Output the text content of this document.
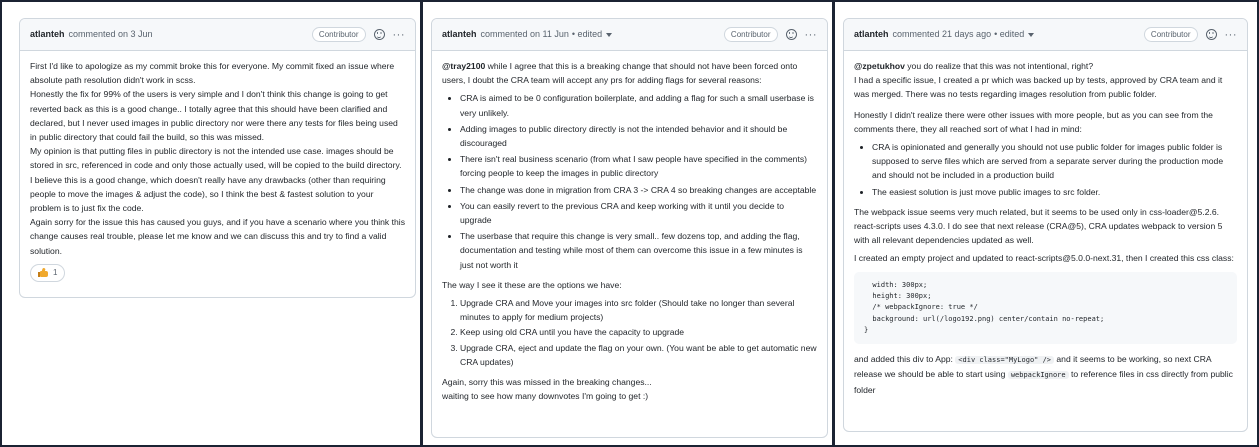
atlanteh commented on 3 Jun	Contributor	···
First I'd like to apologize as my commit broke this for everyone. My commit fixed an issue where absolute path resolution didn't work in scss.
Honestly the fix for 99% of the users is very simple and I don't think this change is going to get reverted back as this is a good change.. I totally agree that this should have been clarified and declared, but I never used images in public directory nor were there any tests for files being used in public directory that could fail the build, so this was missed.
My opinion is that putting files in public directory is not the intended use case. images should be stored in src, referenced in code and only those actually used, will be copied to the build directory.
I believe this is a good change, which doesn't really have any drawbacks (other than requiring people to move the images & adjust the code), so I think the best & fastest solution to your problem is to just fix the code.
Again sorry for the issue this has caused you guys, and if you have a scenario where you think this change causes real trouble, please let me know and we can discuss this and try to find a valid solution.
1
atlanteh commented on 11 Jun • edited	Contributor	···

@tray2100 while I agree that this is a breaking change that should not have been forced onto users, I doubt the CRA team will accept any prs for adding flags for several reasons:

• CRA is aimed to be 0 configuration boilerplate, and adding a flag for such a small userbase is very unlikely.
• Adding images to public directory directly is not the intended behavior and it should be discouraged
• There isn't real business scenario (from what I saw people have specified in the comments) forcing people to keep the images in public directory
• The change was done in migration from CRA 3 -> CRA 4 so breaking changes are acceptable
• You can easily revert to the previous CRA and keep working with it until you decide to upgrade
• The userbase that require this change is very small.. few dozens top, and adding the flag, documentation and testing while most of them can overcome this issue in a few minutes is just not worth it

The way I see it these are the options we have:

1. Upgrade CRA and Move your images into src folder (Should take no longer than several minutes to apply for medium projects)
2. Keep using old CRA until you have the capacity to upgrade
3. Upgrade CRA, eject and update the flag on your own. (You want be able to get automatic new CRA updates)
Again, sorry this was missed in the breaking changes...
waiting to see how many downvotes I'm going to get :)
atlanteh commented 21 days ago • edited	Contributor	···
@zpetukhov you do realize that this was not intentional, right?

I had a specific issue, I created a pr which was backed up by tests, approved by CRA team and it was merged. There was no tests regarding images resolution from public folder.

Honestly I didn't realize there were other issues with more people, but as you can see from the comments there, they all reached sort of what I had in mind:

• CRA is opinionated and generally you should not use public folder for images public folder is supposed to serve files which are served from a separate server during the production mode and should not be included in a production build
• The easiest solution is just move public images to src folder.

The webpack issue seems very much related, but it seems to be used only in css-loader@5.2.6. react-scripts uses 4.3.0. I do see that next release (CRA@5), CRA updates webpack to version 5 with all relevant dependencies updated as well.

I created an empty project and updated to react-scripts@5.0.0-next.31, then I created this css class:
width: 300px;
height: 300px;
/* webpackIgnore: true */
background: url(/logo192.png) center/contain no-repeat;
}
and added this div to App: <div class="MyLogo" /> and it seems to be working, so next CRA release we should be able to start using webpackIgnore to reference files in css directly from public folder
